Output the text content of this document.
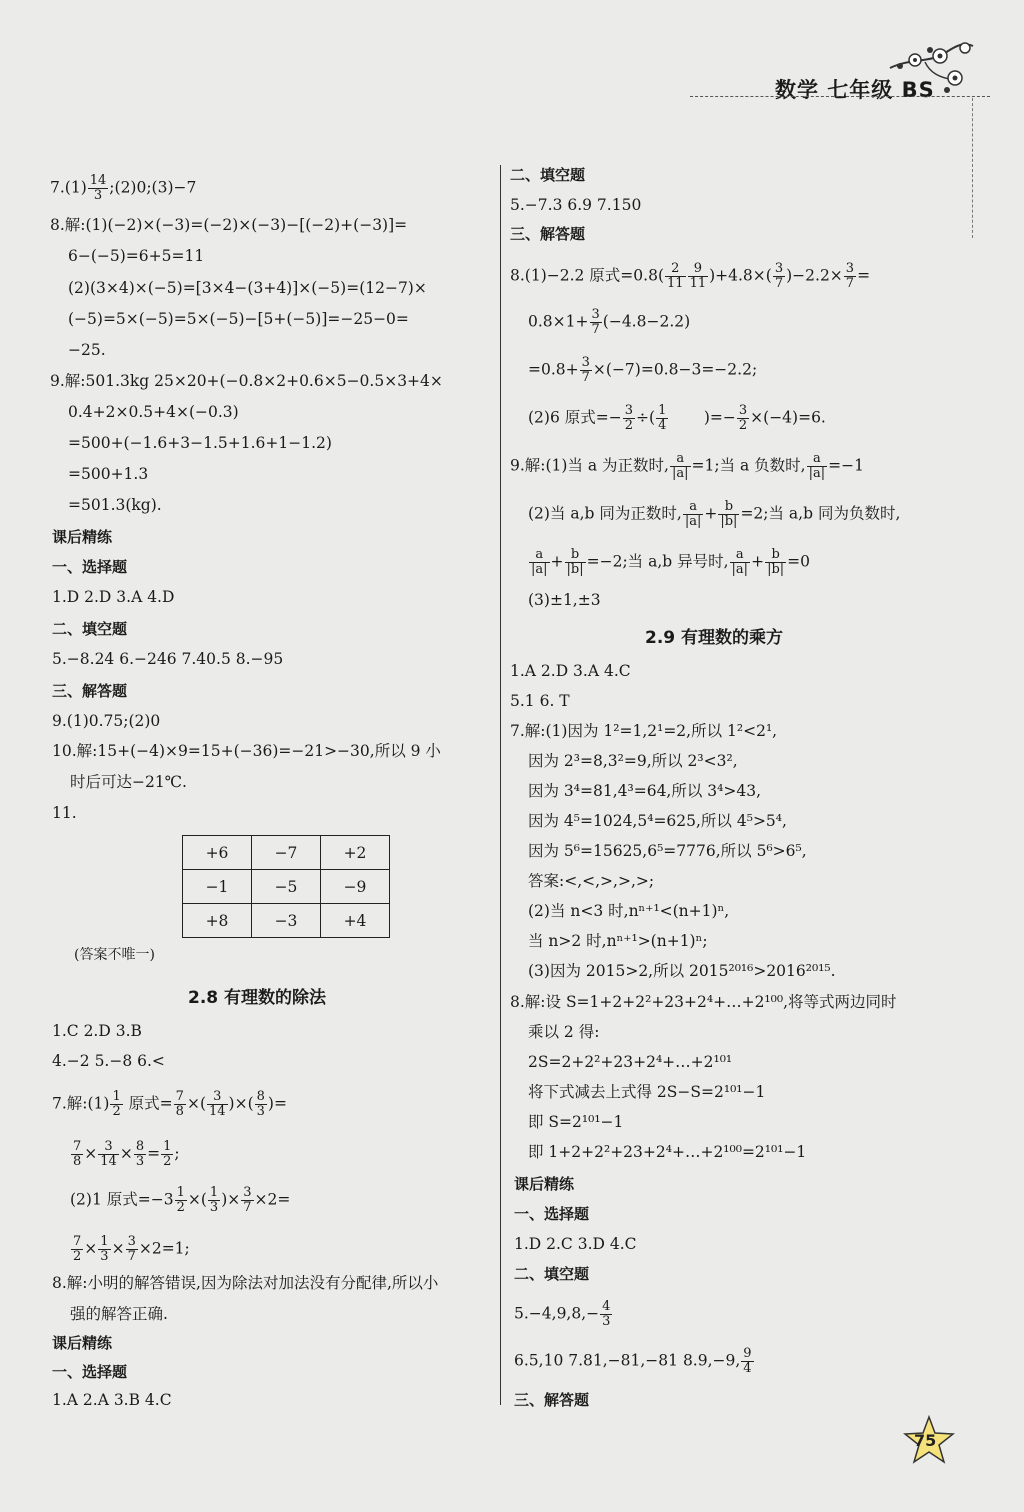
数学 七年级 BS
$7.(1) \frac{14}{3}$ ;(2)0;(3)−7
8.解:(1)(−2)×(−3)=(−2)×(−3)−[(−2)+(−3)]=
6−(−5)=6+5=11
(2)(3×4)×(−5)=[3×4−(3+4)]×(−5)=(12−7)×
(−5)=5×(−5)=5×(−5)−[5+(−5)]=−25−0=
−25.
9.解:501.3kg 25×20+(−0.8×2+0.6×5−0.5×3+4×
0.4+2×0.5+4×(−0.3)
=500+(−1.6+3−1.5+1.6+1−1.2)
=500+1.3
=501.3(kg).
课后精练
一、选择题
1.D 2.D 3.A 4.D
二、填空题
5.−8.24 6.−246 7.40.5 8.−95
三、解答题
9.(1)0.75;(2)0
10.解:15+(−4)×9=15+(−36)=−21>−30,所以 9 小
时后可达−21℃.
11.
+6	−7	+2
−1	−5	−9
+8	−3	+4
(答案不唯一)
2.8 有理数的除法
1.C 2.D 3.B
4.−2 5.−8 6.<
7.解:(1) $\frac{1}{2}$ 原式= $\frac{7}{8}$ ×( $\frac{3}{14}$ )×( $\frac{8}{3}$ )=
$\frac{7}{8} \times \frac{3}{14} \times \frac{8}{3} = \frac{1}{2}$ ;
(2)1 原式$=-3 \frac{1}{2}$ ×( $\frac{1}{3}$ )× $\frac{3}{7} \times 2=$
$\frac{7}{2} \times \frac{1}{3} \times \frac{3}{7} \times 2=1$;
8.解:小明的解答错误,因为除法对加法没有分配律,所以小
强的解答正确.
课后精练
一、选择题
1.A 2.A 3.B 4.C
二、填空题
5.−7.3 6.9 7.150
三、解答题
8.(1)−2.2 原式$=0.8( \frac{2}{11} \frac{9}{11} )+4.8\times( \frac{3}{7} )-2.2\times \frac{3}{7}$ =
$0.8\times 1+ \frac{3}{7} (-4.8-2.2)$
$=0.8+ \frac{3}{7} \times(-7)=0.8-3=-2.2$;
(2)6 原式=− $\frac{3}{2}$ ÷( $\frac{1}{4}$ )=− $\frac{3}{2} \times(-4)=6$.
9.解:(1)当 a 为正数时, $\frac{a}{|a|} =1$;当 a 负数时, $\frac{a}{|a|} =-1$
(2)当 a,b 同为正数时, $\frac{a}{|a|} + \frac{b}{|b|} =2$;当 a,b 同为负数时,
$\frac{a}{|a|} + \frac{b}{|b|} =-2$;当 a,b 异号时, $\frac{a}{|a|} + \frac{b}{|b|} =0$
(3)±1,±3
2.9 有理数的乘方
1.A 2.D 3.A 4.C
5.1 6. T
7.解:(1)因为 1²=1,2¹=2,所以 1²<2¹,
因为 2³=8,3²=9,所以 2³<3²,
因为 3⁴=81,4³=64,所以 3⁴>43,
因为 4⁵=1024,5⁴=625,所以 4⁵>5⁴,
因为 5⁶=15625,6⁵=7776,所以 5⁶>6⁵,
答案:<,<,>,>,>;
(2)当 n<3 时,nⁿ⁺¹<(n+1)ⁿ,
当 n>2 时,nⁿ⁺¹>(n+1)ⁿ;
(3)因为 2015>2,所以 2015²⁰¹⁶>2016²⁰¹⁵.
8.解:设 S=1+2+2²+23+2⁴+…+2¹⁰⁰,将等式两边同时
乘以 2 得:
2S=2+2²+23+2⁴+…+2¹⁰¹
将下式减去上式得 2S−S=2¹⁰¹−1
即 S=2¹⁰¹−1
即 1+2+2²+23+2⁴+…+2¹⁰⁰=2¹⁰¹−1
课后精练
一、选择题
1.D 2.C 3.D 4.C
二、填空题
$5.-4,9,8,- \frac{4}{3}$
6.5,10 7.81,−81,−81 8.9,−9, $\frac{9}{4}$
三、解答题
75
